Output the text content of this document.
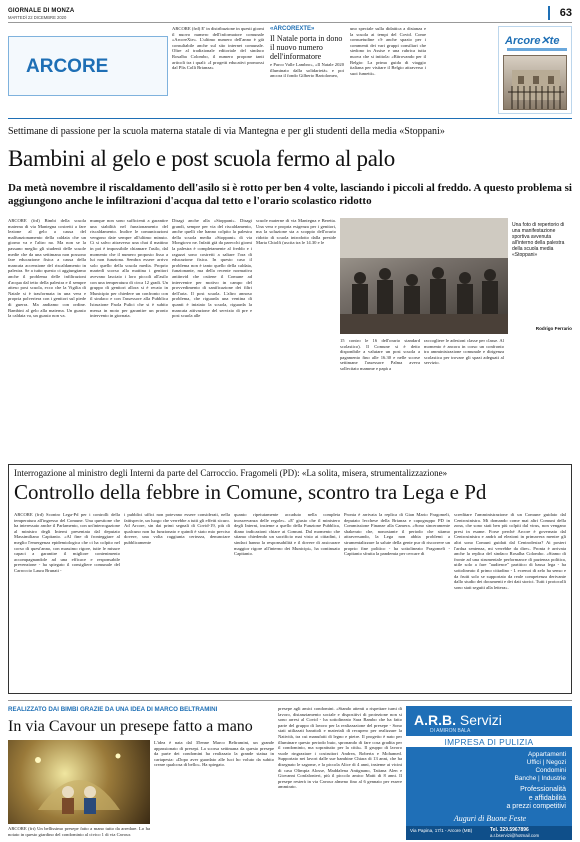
GIORNALE DI MONZA
MARTEDÌ 22 DICEMBRE 2020	63
ARCORE
ARCORE (frd) E' in distribuzione in questi giorni il nuovo numero dell'informatore comunale «ArcoreXte». L'ultimo numero dell'anno è già consultabile anche sul sito internet comunale. Oltre al tradizionale editoriale del sindaco Rosalba Colombo, il numero propone tanti articoli tra i quali: «I progetti educativi promossi dal Plis Colli Brianza»
«ARCOREXTE»
Il Natale porta in dono il nuovo numero dell'informatore
e Parco Valle Lambro», «Il Natale 2020 illuminato dalla solidarietà» e poi ancora il fondo Gilberto Bartolomeo,
uno speciale sulla didattica a distanza e la scuola ai tempi del Covid. Come consuetudine c'è anche spazio per i commenti dei vari gruppi consiliari che siedono in Assise e una rubrica tutta nuova che si intitola: «Ritrovando per il Belgio: La prima guida di viaggio italiana per visitare il Belgio attraverso i suoi fumetti».
Arcore✕te
Settimane di passione per la scuola materna statale di via Mantegna e per gli studenti della media «Stoppani»
Bambini al gelo e post scuola fermo al palo
Da metà novembre il riscaldamento dell'asilo si è rotto per ben 4 volte, lasciando i piccoli al freddo. A questo problema si aggiungono anche le infiltrazioni d'acqua dal tetto e l'orario scolastico ridotto
ARCORE (frd) Bimbi della scuola materna di via Mantegna costretti a fare lezione al gelo a causa del malfunzionamento della caldaia che un giorno va e l'altro no. Ma non se la passano meglio gli studenti delle scuole medie che da una settimana non possono fare educazione fisica a causa della mancata accensione del riscaldamento in palestra. Se a tutto questo ci aggiungiamo anche il problema delle infiltrazioni d'acqua dal tetto della palestra e il sempre atteso post scuola, ecco che la Vigilia di Natale si è trasformata in una vera e propria polveriera con i genitori sul piede di guerra. Ma andiamo con ordine. Bambini al gelo alla materna. Un guasto la caldaia va, un guasto non va.
munque non sono sufficienti a garantire una stabilità nel funzionamento del riscaldamento. Inoltre le comunicazioni vengono date sempre all'ultimo minuto. Ci si salvo attraverso una chat il mattino in poi è impossibile chiamare l'asilo, dal momento che il numero proposto fisso a lui non funziona. Sembra essere arrivo solo quello della scuola media. Proprio martedì scorso alla mattina i genitori avevano lasciato i loro piccoli all'asilo con una temperatura di circa 12 gradi. Un gruppo di genitori allora si è recato in Municipio per chiedere un confronto con il sindaco e con l'assessore alla Pubblica Istruzione Paola Pulici che si è subito messa in moto per garantire un pronto intervento in giornata.
Disagi anche alla «Stoppani». Disagi grandi, sempre per via del riscaldamento, anche quelli che hanno colpito la palestra della scuola media «Stoppani» di via Mongiovo ne. Infatti già da parecchi giorni la palestra è completamente al freddo e i ragazzi sono costretti a saltare l'ora di educazione fisica. In questo caso il problema non è tanto quello della caldaia, funzionante, ma della recente normativa antiinvid che ostiene il Comune ad intervenire per motivo in campo del provvedimento di sanificazione dei filtri dell'aria. Il post scuola. L'altro annoso problema, che riguarda una ventina di quanti è iniziato la scuola, riguarda la mancata attivazione del servizio di pre e post scuola alle
scuole materne di via Mantegna e Beretta. Una vera e propria esigenza per i genitori, ma la soluzione sta a scoppio dell'orario ridotto di scuola introdotto dalla preside Marta Chiolfi (uscita tra le 14.30 e le
Una foto di repertorio di una manifestazione sportiva avvenuta all'interno della palestra della scuola media «Stoppani»
Rodrigo Ferrario
15 contro le 16 dell'orario standard scolastico). Il Comune si è detto disponibile a valutare un post scuola a pagamento fino alle 16.30 e nelle scorse settimane l'assessore Palma aveva sollecitato mamme e papà a
raccogliere le adesioni classe per classe. Al momento è ancora in corso un confronto tra amministrazione comunale e dirigenza scolastica per trovare gli spazi adeguati al servizio.
Interrogazione al ministro degli Interni da parte del Carroccio. Fragomeli (PD): «La solita, misera, strumentalizzazione»
Controllo della febbre in Comune, scontro tra Lega e Pd
ARCORE (frd) Scontro Lega-Pd per i controlli della temperatura all'ingresso del Comune. Una questione che ha interessato anche il Parlamento, con un'interrogazione al ministro degli Interni presentata dal deputato Massimiliano Capitanio. «Al fine di fronteggiare al meglio l'emergenza epidemiologica che ci ha colpito nel corso di quest'anno, con massimo rigore, tutte le misure capaci a garantire il migliore contenimento accompagnandole ad una efficace e responsabile prevenzione - ha spiegato il consigliere comunale del Carroccio Laura Brunati -
i pubblici uffici non potevano essere considerati, nella fattispecie, un luogo che verrebbe a tutti gli effetti sicuro. Ad Arcore, sin dai primi segnali di Covid-19, più di qualcuno non ha funzionato e quindi è stato mio preciso dovere, una volta raggiunta certezza, denunciare pubblicamente
quanto ripetutamente accaduto nella completa inosservanza delle regole». «E' giusto che il ministero degli Interni, insieme a quello della Funzione Pubblica, diano indicazioni chiare ai Comuni. Dal momento che stiamo chiedendo un sacrificio mai visto ai cittadini, i sindaci hanno la responsabilità e il dovere di assicurare maggior rigore all'interno dei Municipi», ha continuato Capitanio.
Pronta è arrivata la replica di Gian Mario Fragomeli, deputato lecchese della Brianza e capogruppo PD in Commissione Finanze alla Camera. «Sono sinceramente shakerato che, nonostante il periodo che stiamo attraversando, la Lega non abbia problemi a strumentalizzare la salute della gente pur di riscorrere un proprio fine politico - ha sottolineato Fragomeli - Capitanio sfrutta la pandemia per cercare di
screditare l'amministrazione di un Comune guidato dal Centrosinistra. Mi domando come mai altri Comuni della zona, che sono stati ben più colpiti dal virus, non vengano presi in esame. Forse perché Arcore è governato dal Centrosinistra e andrà ad elezioni in primavera mentre gli altri sono Comuni guidati dal Centrodestra? Ai posteri l'ardua sentenza, mi verrebbe da dire». Pronta è arrivata anche la replica del sindaco Rosalba Colombo. «Siamo di fronte ad una strumentale performance di pazienza politica, utile solo a fare "audience" partitico di bassa lega - ha sottolineato il primo cittadino - I. ecrenoi di zelo ha senso e da frutti solo se supportato da reale competenza derivante dallo studio dei documenti e dei dati storici. Tutti i protocolli sono stati seguiti alla lettera».
REALIZZATO DAI BIMBI GRAZIE DA UNA IDEA DI MARCO BELTRAMINI
In via Cavour un presepe fatto a mano
ARCORE (frt) Un bellissimo presepe fatto a mano tutto da arredare. Lo ha notato in questo giardino del condominio al civico 1 di via Cavour.
L'idea è nata dal 35enne Marco Beltramini, un grande appassionato di presepi. La scorsa settimana da questo presepe da parte dei condomini ha realizzato la grande statua in cartapesta: «Dopo aver guardato alle luci ho voluto da subito creare qualcosa di bello». Ha spiegato.
presepe agli amici condomini. «Stando attenti a rispettare turni di lavoro, distanziamento sociale e dispositivi di protezione non si sono arresi al Covid - ha sottolineato Sara Bambo che ha fatto parte del gruppo di lavoro per la realizzazione del presepe - Sono stati utilizzati barattoli e materiali di recupero per realizzare la Natività, tra cui manufatti di legno e pietre. Il progetto è nato per illuminare questo periodo buio, spronando di fare cosa gradita per il condominio, ma soprattutto per la città». Il gruppo di lavoro vuole ringraziare i costruttori Andrea, Roberta e Mohamed. Supportato nei lavori dalle sue bambine Chiara di 13 anni, che ha disegnato le sagome, e la piccola Alice di 4 anni, insieme ai vicini di casa Olimpia Alosse, Maddalena Antignano, Tatiana Alen e Giovanni Confalonieri, più il piccolo amico Matti di 8 anni. Il presepe resterà in via Cavour almeno fino al 6 gennaio per essere ammirato.
A.R.B. Servizi
DI AMIRON BALA
IMPRESA DI PULIZIA
Appartamenti
Uffici | Negozi
Condomini
Banche | Industrie
Professionalità
e affidabilità
a prezzi competitivi
Auguri di Buone Feste
Via Papina, 17/1 - Arcore (MB)	Tel. 329.5967896
a.r.bservizi@hotmail.com
